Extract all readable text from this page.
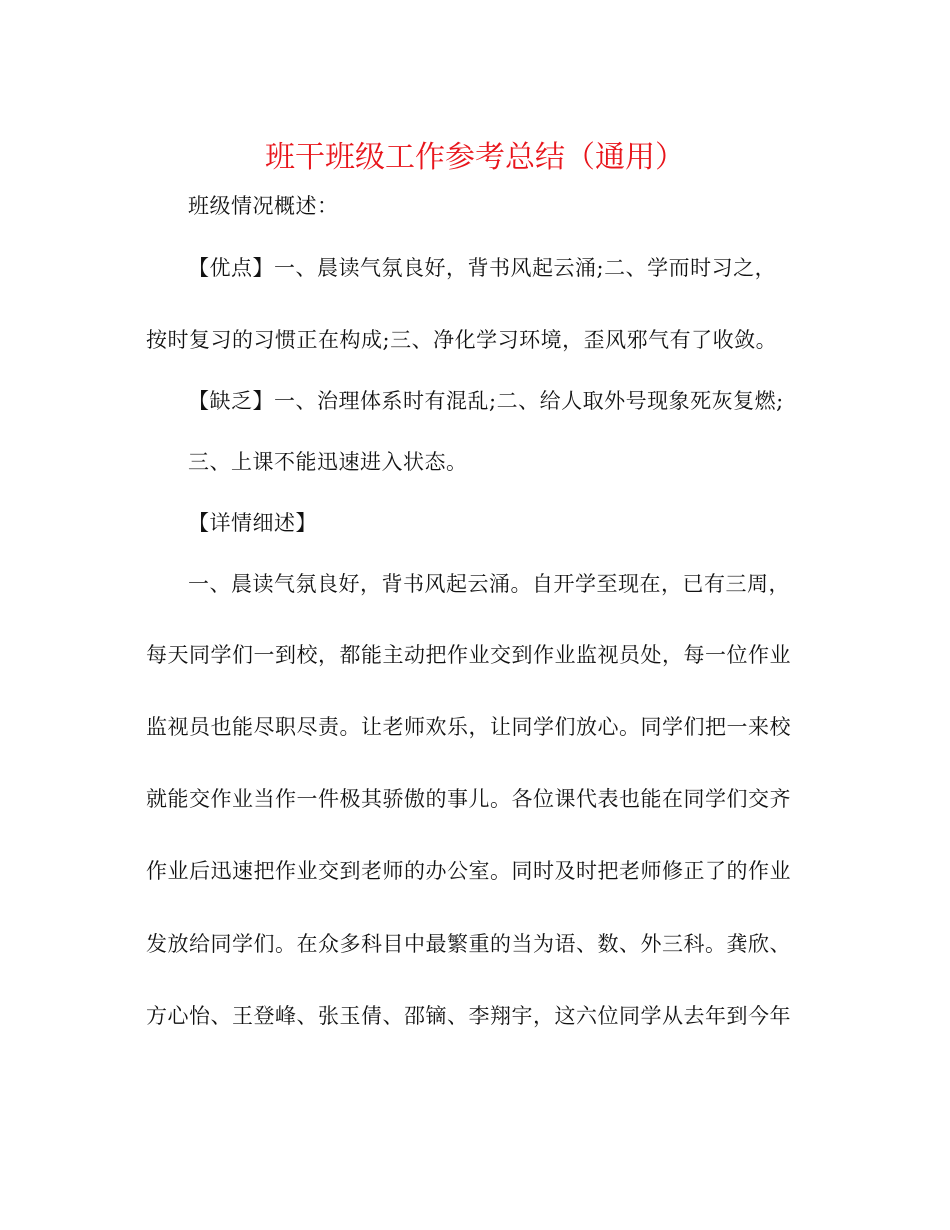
班干班级工作参考总结（通用）
班级情况概述：
【优点】一、晨读气氛良好，背书风起云涌;二、学而时习之，
按时复习的习惯正在构成;三、净化学习环境，歪风邪气有了收敛。
【缺乏】一、治理体系时有混乱;二、给人取外号现象死灰复燃;
三、上课不能迅速进入状态。
【详情细述】
一、晨读气氛良好，背书风起云涌。自开学至现在，已有三周，
每天同学们一到校，都能主动把作业交到作业监视员处，每一位作业
监视员也能尽职尽责。让老师欢乐，让同学们放心。同学们把一来校
就能交作业当作一件极其骄傲的事儿。各位课代表也能在同学们交齐
作业后迅速把作业交到老师的办公室。同时及时把老师修正了的作业
发放给同学们。在众多科目中最繁重的当为语、数、外三科。龚欣、
方心怡、王登峰、张玉倩、邵镝、李翔宇，这六位同学从去年到今年
